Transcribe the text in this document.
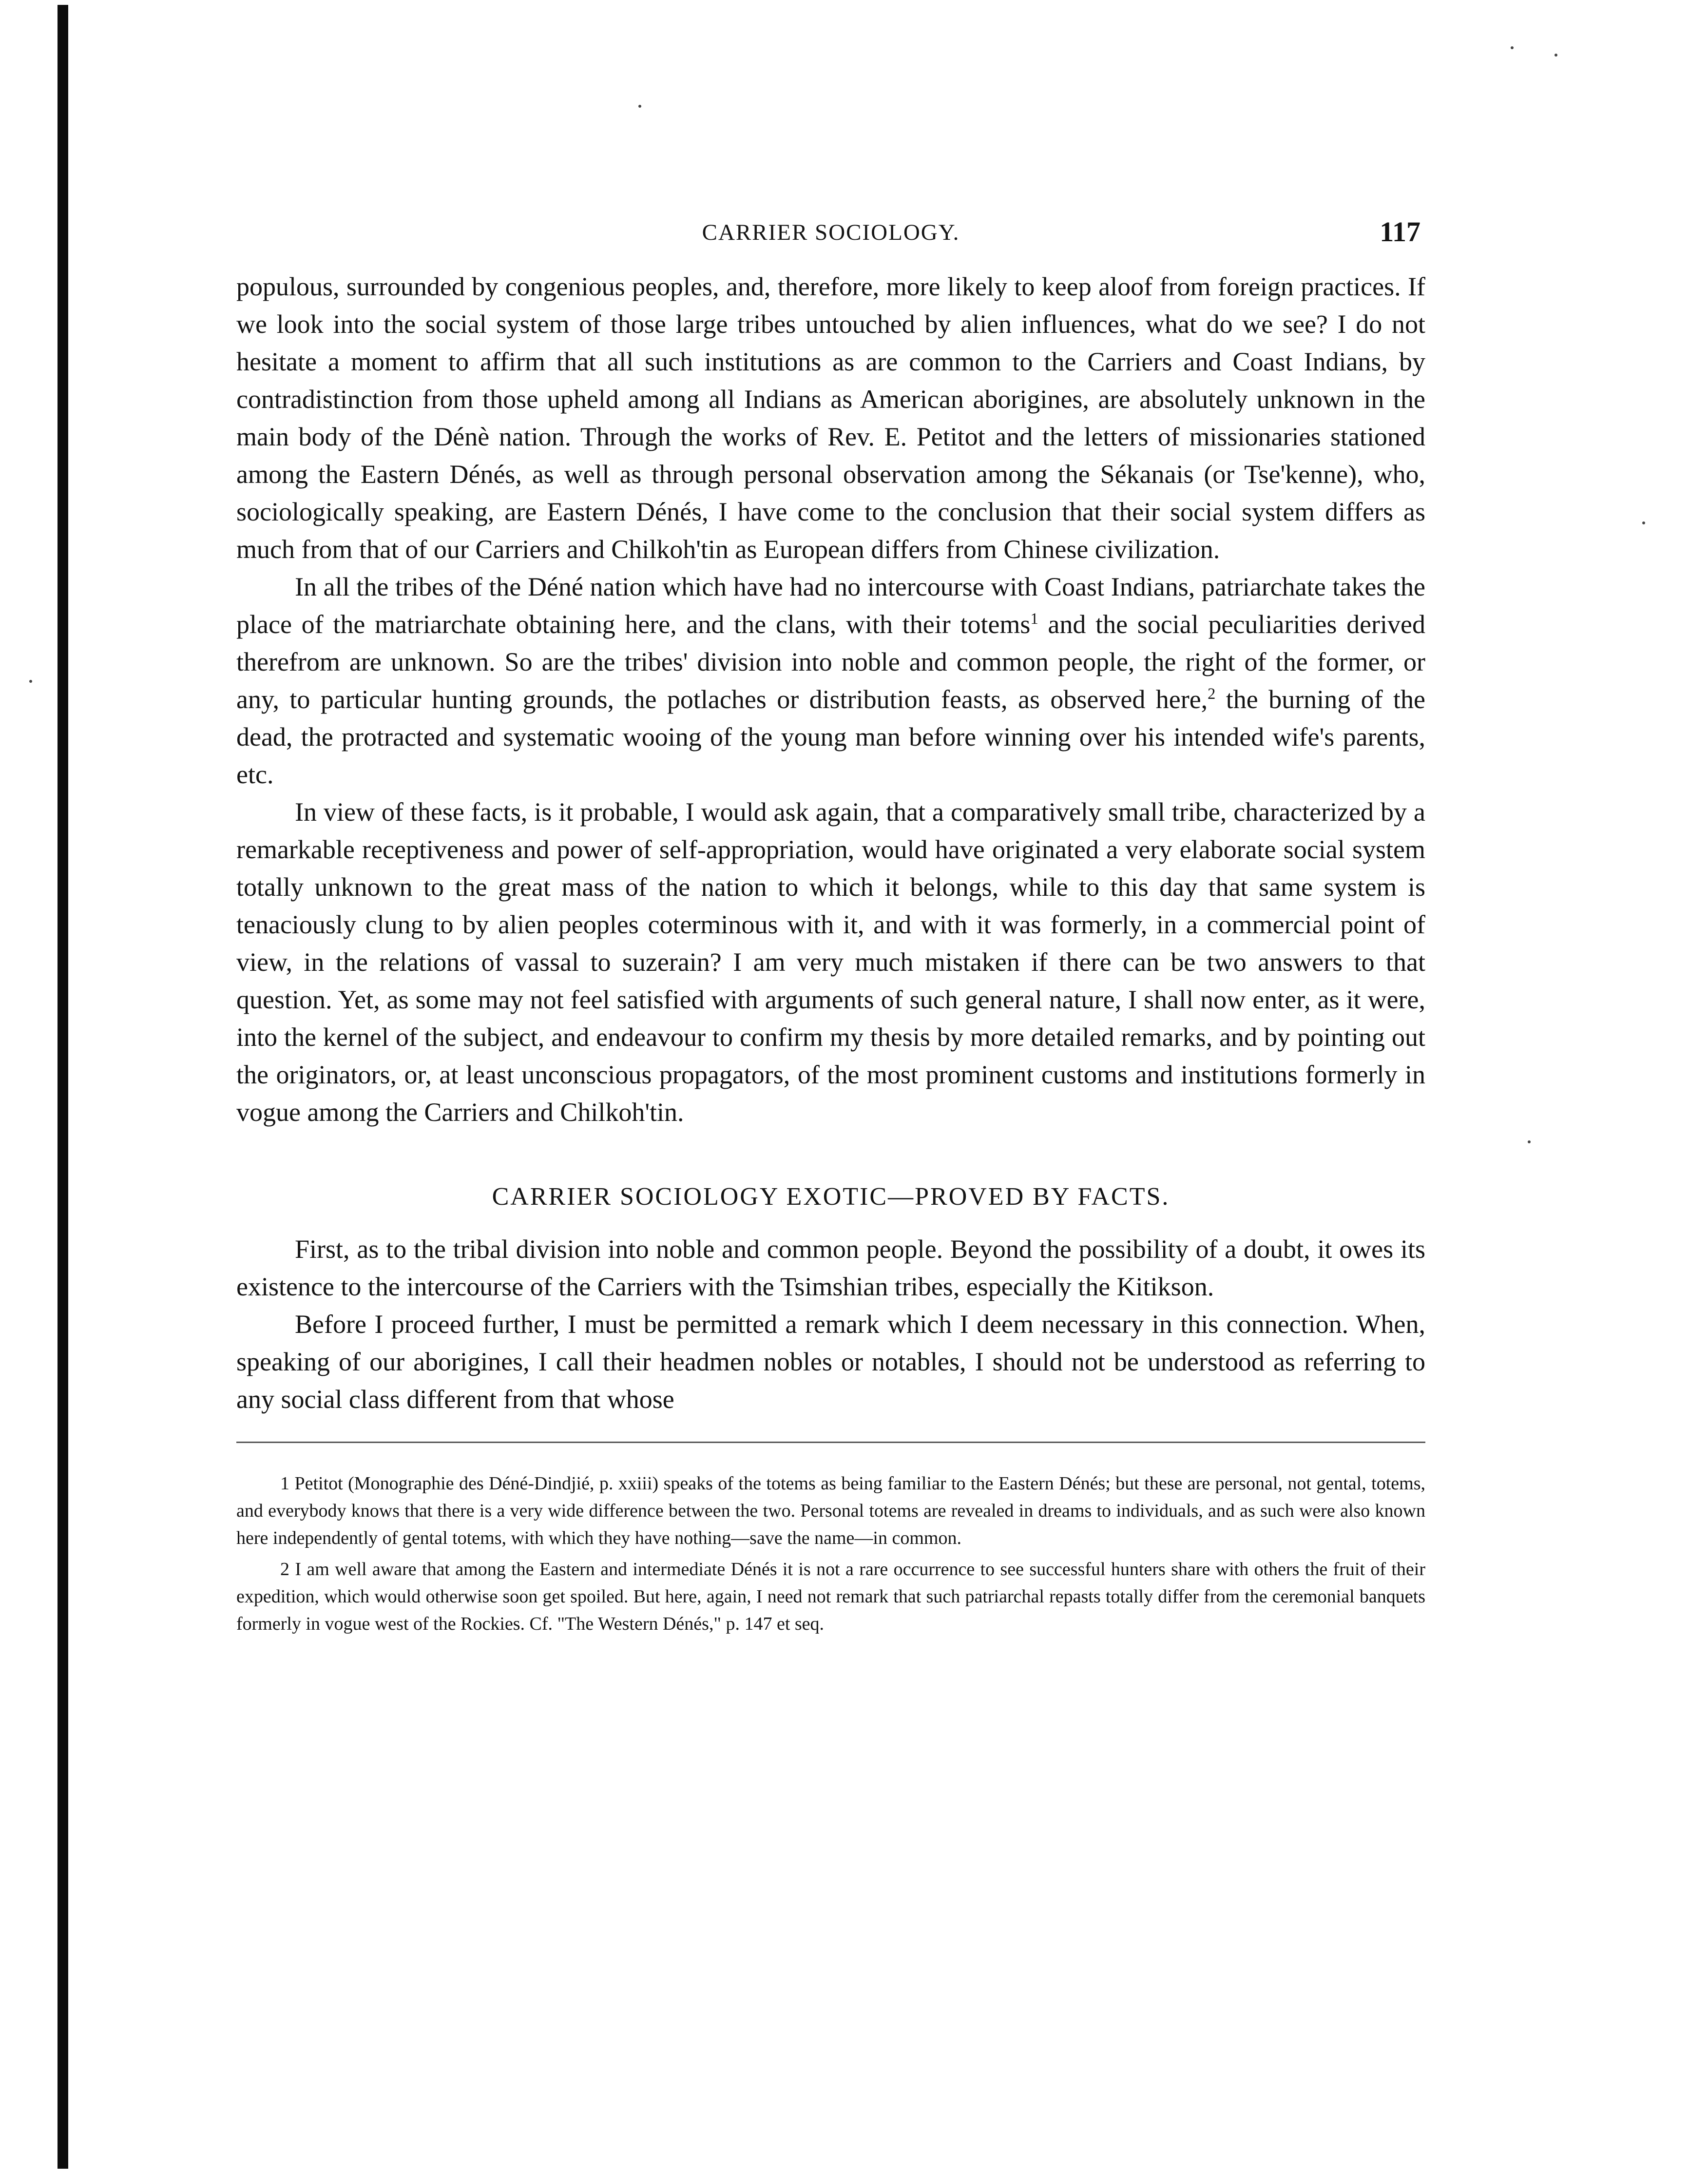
CARRIER SOCIOLOGY.	117

populous, surrounded by congenious peoples, and, therefore, more likely to keep aloof from foreign practices. If we look into the social system of those large tribes untouched by alien influences, what do we see? I do not hesitate a moment to affirm that all such institutions as are common to the Carriers and Coast Indians, by contradistinction from those upheld among all Indians as American aborigines, are absolutely unknown in the main body of the Dénè nation. Through the works of Rev. E. Petitot and the letters of missionaries stationed among the Eastern Dénés, as well as through personal observation among the Sékanais (or Tse'kenne), who, sociologically speaking, are Eastern Dénés, I have come to the conclusion that their social system differs as much from that of our Carriers and Chilkoh'tin as European differs from Chinese civilization.

In all the tribes of the Déné nation which have had no intercourse with Coast Indians, patriarchate takes the place of the matriarchate obtaining here, and the clans, with their totems$^1$ and the social peculiarities derived therefrom are unknown. So are the tribes' division into noble and common people, the right of the former, or any, to particular hunting grounds, the potlaches or distribution feasts, as observed here,$^2$ the burning of the dead, the protracted and systematic wooing of the young man before winning over his intended wife's parents, etc.

In view of these facts, is it probable, I would ask again, that a comparatively small tribe, characterized by a remarkable receptiveness and power of self-appropriation, would have originated a very elaborate social system totally unknown to the great mass of the nation to which it belongs, while to this day that same system is tenaciously clung to by alien peoples coterminous with it, and with it was formerly, in a commercial point of view, in the relations of vassal to suzerain? I am very much mistaken if there can be two answers to that question. Yet, as some may not feel satisfied with arguments of such general nature, I shall now enter, as it were, into the kernel of the subject, and endeavour to confirm my thesis by more detailed remarks, and by pointing out the originators, or, at least unconscious propagators, of the most prominent customs and institutions formerly in vogue among the Carriers and Chilkoh'tin.

CARRIER SOCIOLOGY EXOTIC—PROVED BY FACTS.

First, as to the tribal division into noble and common people. Beyond the possibility of a doubt, it owes its existence to the intercourse of the Carriers with the Tsimshian tribes, especially the Kitikson.

Before I proceed further, I must be permitted a remark which I deem necessary in this connection. When, speaking of our aborigines, I call their headmen nobles or notables, I should not be understood as referring to any social class different from that whose

1 Petitot (Monographie des Déné-Dindjié, p. xxiii) speaks of the totems as being familiar to the Eastern Dénés; but these are personal, not gental, totems, and everybody knows that there is a very wide difference between the two. Personal totems are revealed in dreams to individuals, and as such were also known here independently of gental totems, with which they have nothing—save the name—in common.

2 I am well aware that among the Eastern and intermediate Dénés it is not a rare occurrence to see successful hunters share with others the fruit of their expedition, which would otherwise soon get spoiled. But here, again, I need not remark that such patriarchal repasts totally differ from the ceremonial banquets formerly in vogue west of the Rockies. Cf. "The Western Dénés," p. 147 et seq.
